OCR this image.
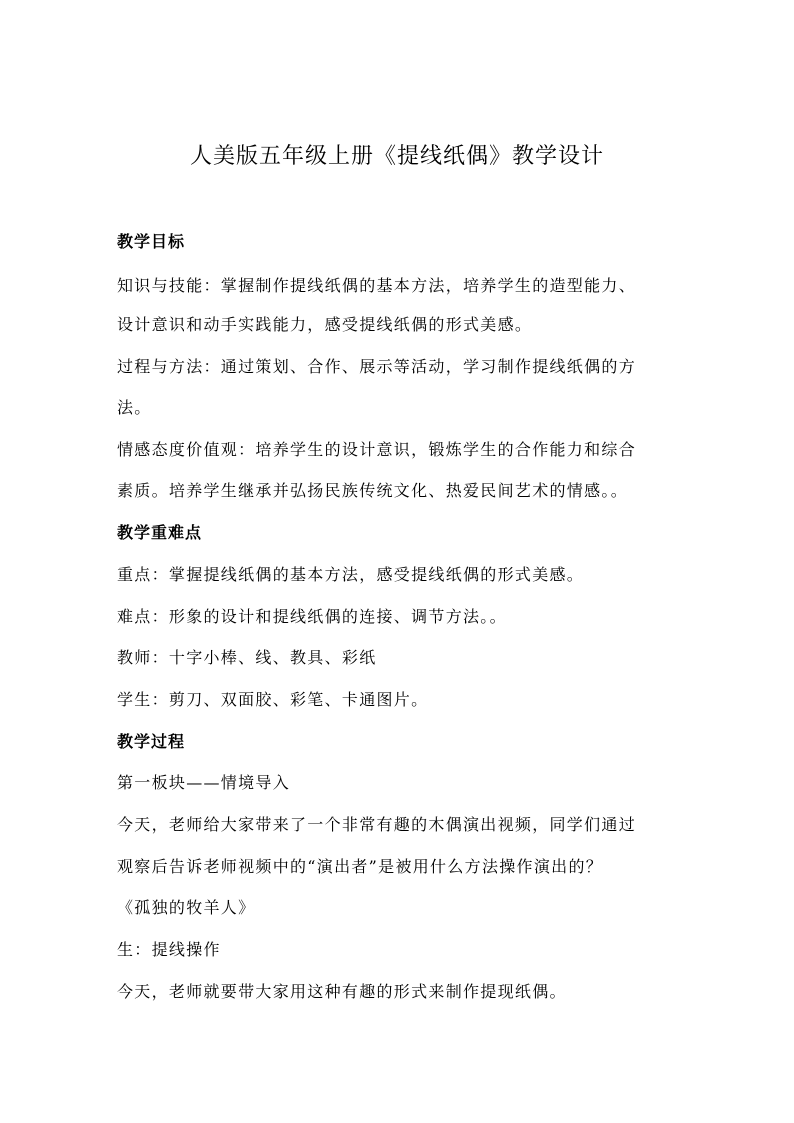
人美版五年级上册《提线纸偶》教学设计
教学目标
知识与技能：掌握制作提线纸偶的基本方法，培养学生的造型能力、
设计意识和动手实践能力，感受提线纸偶的形式美感。
过程与方法：通过策划、合作、展示等活动，学习制作提线纸偶的方
法。
情感态度价值观：培养学生的设计意识，锻炼学生的合作能力和综合
素质。培养学生继承并弘扬民族传统文化、热爱民间艺术的情感。。
教学重难点
重点：掌握提线纸偶的基本方法，感受提线纸偶的形式美感。
难点：形象的设计和提线纸偶的连接、调节方法。。
教师：十字小棒、线、教具、彩纸
学生：剪刀、双面胶、彩笔、卡通图片。
教学过程
第一板块——情境导入
今天，老师给大家带来了一个非常有趣的木偶演出视频，同学们通过
观察后告诉老师视频中的“演出者”是被用什么方法操作演出的？
《孤独的牧羊人》
生：提线操作
今天，老师就要带大家用这种有趣的形式来制作提现纸偶。
